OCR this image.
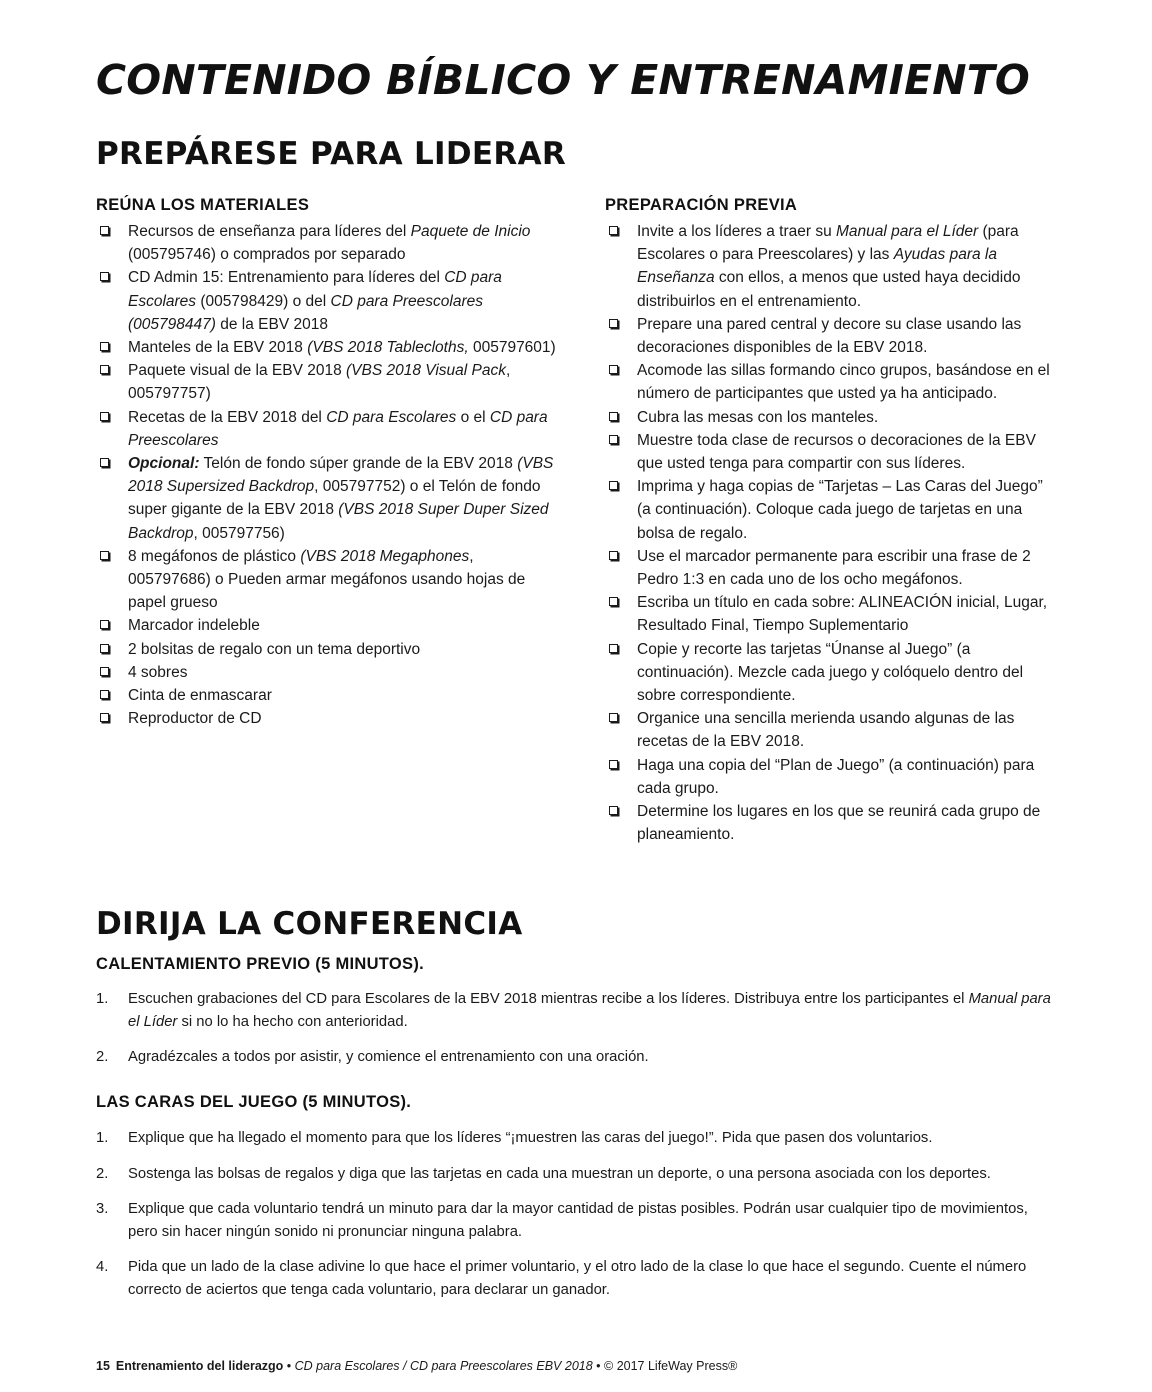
CONTENIDO BÍBLICO Y ENTRENAMIENTO
PREPÁRESE PARA LIDERAR
REÚNA LOS MATERIALES
Recursos de enseñanza para líderes del Paquete de Inicio (005795746) o comprados por separado
CD Admin 15: Entrenamiento para líderes del CD para Escolares (005798429) o del CD para Preescolares (005798447) de la EBV 2018
Manteles de la EBV 2018 (VBS 2018 Tablecloths, 005797601)
Paquete visual de la EBV 2018 (VBS 2018 Visual Pack, 005797757)
Recetas de la EBV 2018 del CD para Escolares o el CD para Preescolares
Opcional: Telón de fondo súper grande de la EBV 2018 (VBS 2018 Supersized Backdrop, 005797752) o el Telón de fondo super gigante de la EBV 2018 (VBS 2018 Super Duper Sized Backdrop, 005797756)
8 megáfonos de plástico (VBS 2018 Megaphones, 005797686) o Pueden armar megáfonos usando hojas de papel grueso
Marcador indeleble
2 bolsitas de regalo con un tema deportivo
4 sobres
Cinta de enmascarar
Reproductor de CD
PREPARACIÓN PREVIA
Invite a los líderes a traer su Manual para el Líder (para Escolares o para Preescolares) y las Ayudas para la Enseñanza con ellos, a menos que usted haya decidido distribuirlos en el entrenamiento.
Prepare una pared central y decore su clase usando las decoraciones disponibles de la EBV 2018.
Acomode las sillas formando cinco grupos, basándose en el número de participantes que usted ya ha anticipado.
Cubra las mesas con los manteles.
Muestre toda clase de recursos o decoraciones de la EBV que usted tenga para compartir con sus líderes.
Imprima y haga copias de “Tarjetas – Las Caras del Juego” (a continuación). Coloque cada juego de tarjetas en una bolsa de regalo.
Use el marcador permanente para escribir una frase de 2 Pedro 1:3 en cada uno de los ocho megáfonos.
Escriba un título en cada sobre: ALINEACIÓN inicial, Lugar, Resultado Final, Tiempo Suplementario
Copie y recorte las tarjetas “Únanse al Juego” (a continuación). Mezcle cada juego y colóquelo dentro del sobre correspondiente.
Organice una sencilla merienda usando algunas de las recetas de la EBV 2018.
Haga una copia del “Plan de Juego” (a continuación) para cada grupo.
Determine los lugares en los que se reunirá cada grupo de planeamiento.
DIRIJA LA CONFERENCIA
CALENTAMIENTO PREVIO (5 MINUTOS).
1.	Escuchen grabaciones del CD para Escolares de la EBV 2018 mientras recibe a los líderes. Distribuya entre los participantes el Manual para el Líder si no lo ha hecho con anterioridad.
2.	Agradézcales a todos por asistir, y comience el entrenamiento con una oración.
LAS CARAS DEL JUEGO (5 MINUTOS).
1.	Explique que ha llegado el momento para que los líderes “¡muestren las caras del juego!”. Pida que pasen dos voluntarios.
2.	Sostenga las bolsas de regalos y diga que las tarjetas en cada una muestran un deporte, o una persona asociada con los deportes.
3.	Explique que cada voluntario tendrá un minuto para dar la mayor cantidad de pistas posibles. Podrán usar cualquier tipo de movimientos, pero sin hacer ningún sonido ni pronunciar ninguna palabra.
4.	Pida que un lado de la clase adivine lo que hace el primer voluntario, y el otro lado de la clase lo que hace el segundo. Cuente el número correcto de aciertos que tenga cada voluntario, para declarar un ganador.
15 Entrenamiento del liderazgo • CD para Escolares / CD para Preescolares EBV 2018 • © 2017 LifeWay Press®
